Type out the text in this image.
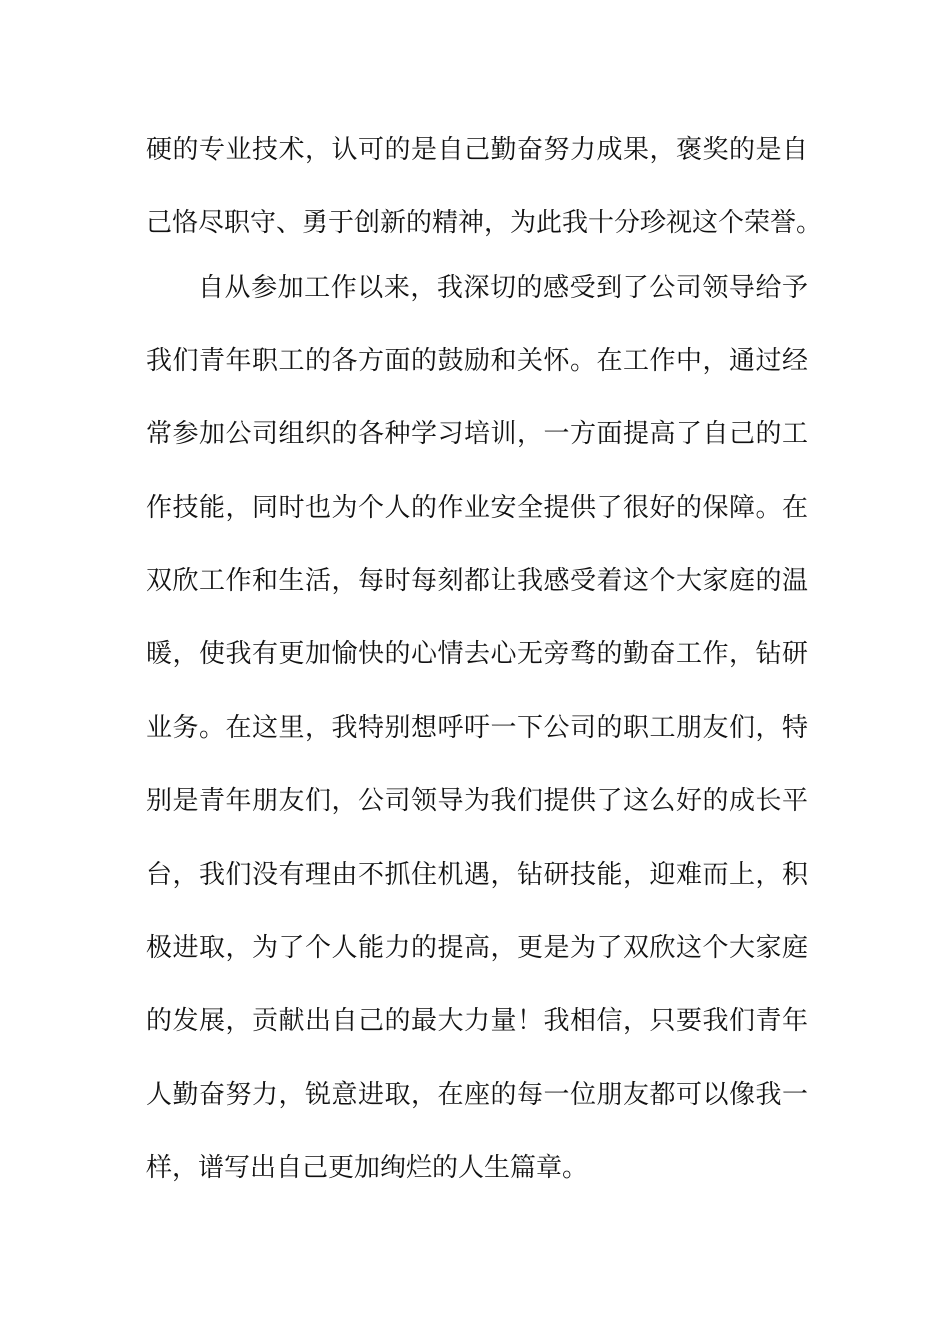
硬的专业技术，认可的是自己勤奋努力成果，褒奖的是自
己恪尽职守、勇于创新的精神，为此我十分珍视这个荣誉。
自从参加工作以来，我深切的感受到了公司领导给予
我们青年职工的各方面的鼓励和关怀。在工作中，通过经
常参加公司组织的各种学习培训，一方面提高了自己的工
作技能，同时也为个人的作业安全提供了很好的保障。在
双欣工作和生活，每时每刻都让我感受着这个大家庭的温
暖，使我有更加愉快的心情去心无旁骛的勤奋工作，钻研
业务。在这里，我特别想呼吁一下公司的职工朋友们，特
别是青年朋友们，公司领导为我们提供了这么好的成长平
台，我们没有理由不抓住机遇，钻研技能，迎难而上，积
极进取，为了个人能力的提高，更是为了双欣这个大家庭
的发展，贡献出自己的最大力量！我相信，只要我们青年
人勤奋努力，锐意进取，在座的每一位朋友都可以像我一
样，谱写出自己更加绚烂的人生篇章。
